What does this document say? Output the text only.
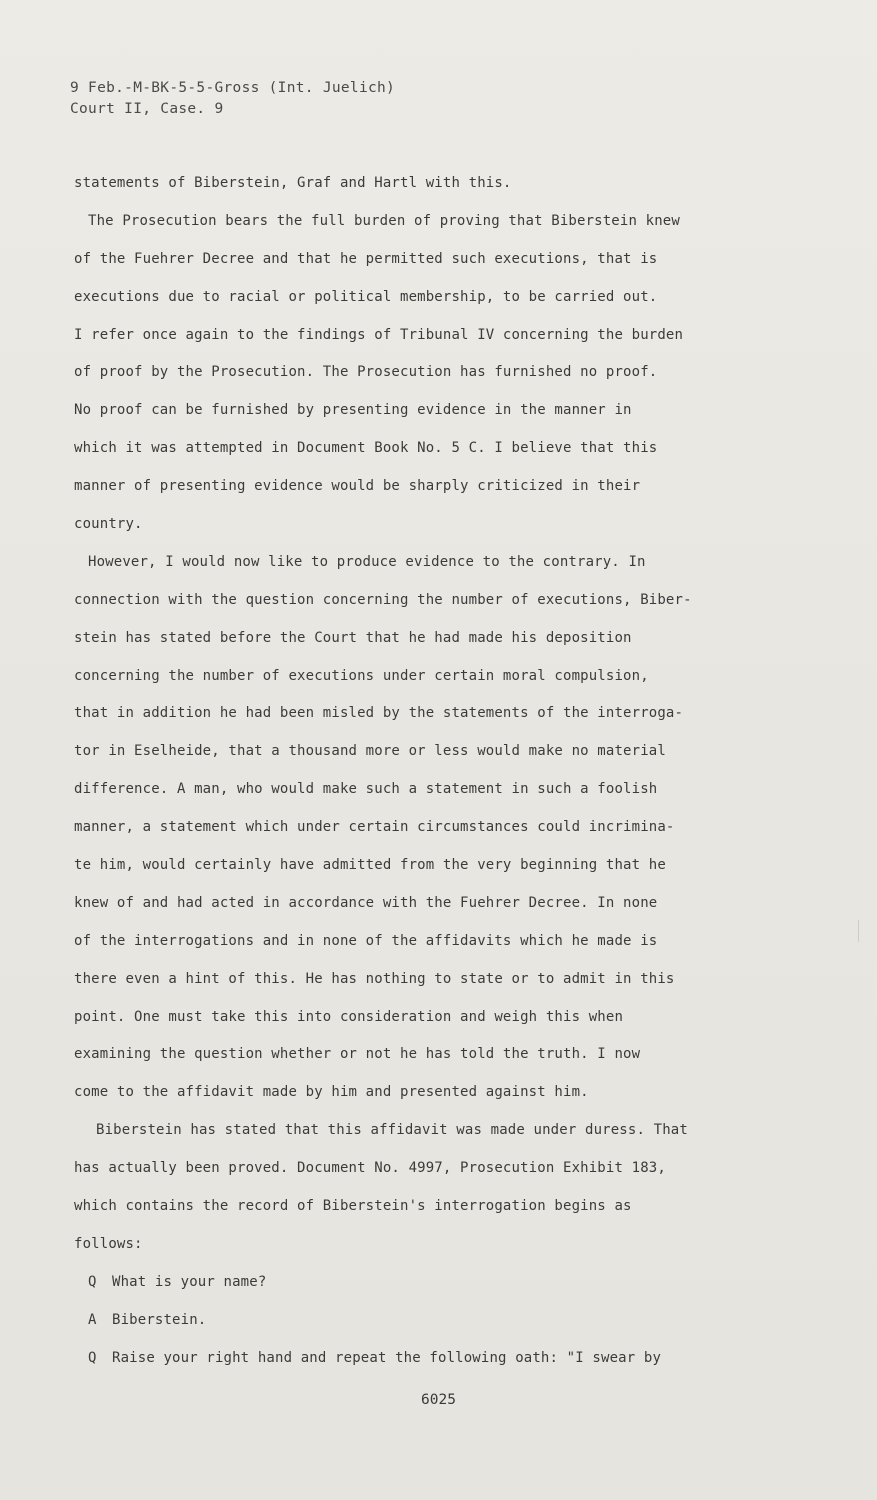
9 Feb.-M-BK-5-5-Gross (Int. Juelich)
Court II, Case. 9
statements of Biberstein, Graf and Hartl with this.
The Prosecution bears the full burden of proving that Biberstein knew
of the Fuehrer Decree and that he permitted such executions, that is
executions due to racial or political membership, to be carried out.
I refer once again to the findings of Tribunal IV concerning the burden
of proof by the Prosecution. The Prosecution has furnished no proof.
No proof can be furnished by presenting evidence in the manner in
which it was attempted in Document Book No. 5 C. I believe that this
manner of presenting evidence would be sharply criticized in their
country.
However, I would now like to produce evidence to the contrary. In
connection with the question concerning the number of executions, Biber-
stein has stated before the Court that he had made his deposition
concerning the number of executions under certain moral compulsion,
that in addition he had been misled by the statements of the interroga-
tor in Eselheide, that a thousand more or less would make no material
difference. A man, who would make such a statement in such a foolish
manner, a statement which under certain circumstances could incrimina-
te him, would certainly have admitted from the very beginning that he
knew of and had acted in accordance with the Fuehrer Decree. In none
of the interrogations and in none of the affidavits which he made is
there even a hint of this. He has nothing to state or to admit in this
point. One must take this into consideration and weigh this when
examining the question whether or not he has told the truth. I now
come to the affidavit made by him and presented against him.
Biberstein has stated that this affidavit was made under duress. That
has actually been proved. Document No. 4997, Prosecution Exhibit 183,
which contains the record of Biberstein's interrogation begins as
follows:
Q What is your name?
A Biberstein.
Q Raise your right hand and repeat the following oath: "I swear by
6025
